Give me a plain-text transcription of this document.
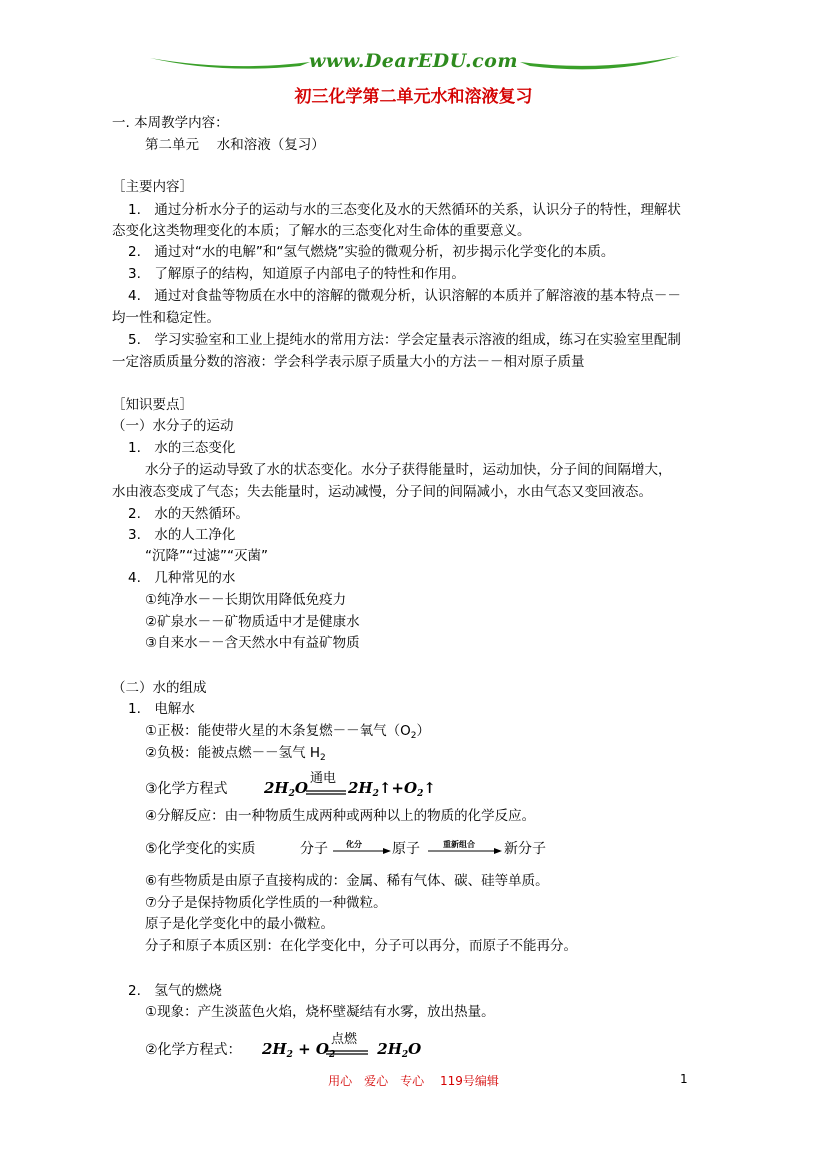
www.DearEDU.com
初三化学第二单元水和溶液复习
一. 本周教学内容：
第二单元　 水和溶液（复习）
［主要内容］
1.　通过分析水分子的运动与水的三态变化及水的天然循环的关系，认识分子的特性，理解状
态变化这类物理变化的本质；了解水的三态变化对生命体的重要意义。
2.　通过对“水的电解”和“氢气燃烧”实验的微观分析，初步揭示化学变化的本质。
3.　了解原子的结构，知道原子内部电子的特性和作用。
4.　通过对食盐等物质在水中的溶解的微观分析，认识溶解的本质并了解溶液的基本特点－－
均一性和稳定性。
5.　学习实验室和工业上提纯水的常用方法：学会定量表示溶液的组成，练习在实验室里配制
一定溶质质量分数的溶液：学会科学表示原子质量大小的方法－－相对原子质量
［知识要点］
（一）水分子的运动
1.　水的三态变化
水分子的运动导致了水的状态变化。水分子获得能量时，运动加快，分子间的间隔增大，
水由液态变成了气态；失去能量时，运动减慢，分子间的间隔减小，水由气态又变回液态。
2.　水的天然循环。
3.　水的人工净化
“沉降”“过滤”“灭菌”
4.　几种常见的水
①纯净水－－长期饮用降低免疫力
②矿泉水－－矿物质适中才是健康水
③自来水－－含天然水中有益矿物质
（二）水的组成
1.　电解水
①正极：能使带火星的木条复燃－－氧气$(O_2)$
②负极：能被点燃－－氢气 $H_2$
③化学方程式 $2H_2O$	$2H_2↑+O_2↑$
通电
④分解反应：由一种物质生成两种或两种以上的物质的化学反应。
⑤化学变化的实质	分子 化分 原子	重新组合 新分子
⑥有些物质是由原子直接构成的：金属、稀有气体、碳、硅等单质。
⑦分子是保持物质化学性质的一种微粒。
原子是化学变化中的最小微粒。
分子和原子本质区别：在化学变化中，分子可以再分，而原子不能再分。
2.　氢气的燃烧
①现象：产生淡蓝色火焰，烧杯壁凝结有水雾，放出热量。
②化学方程式： $2H_2 + O_2$	$2H_2O$
点燃
用心　爱心　专心　 119号编辑	1
